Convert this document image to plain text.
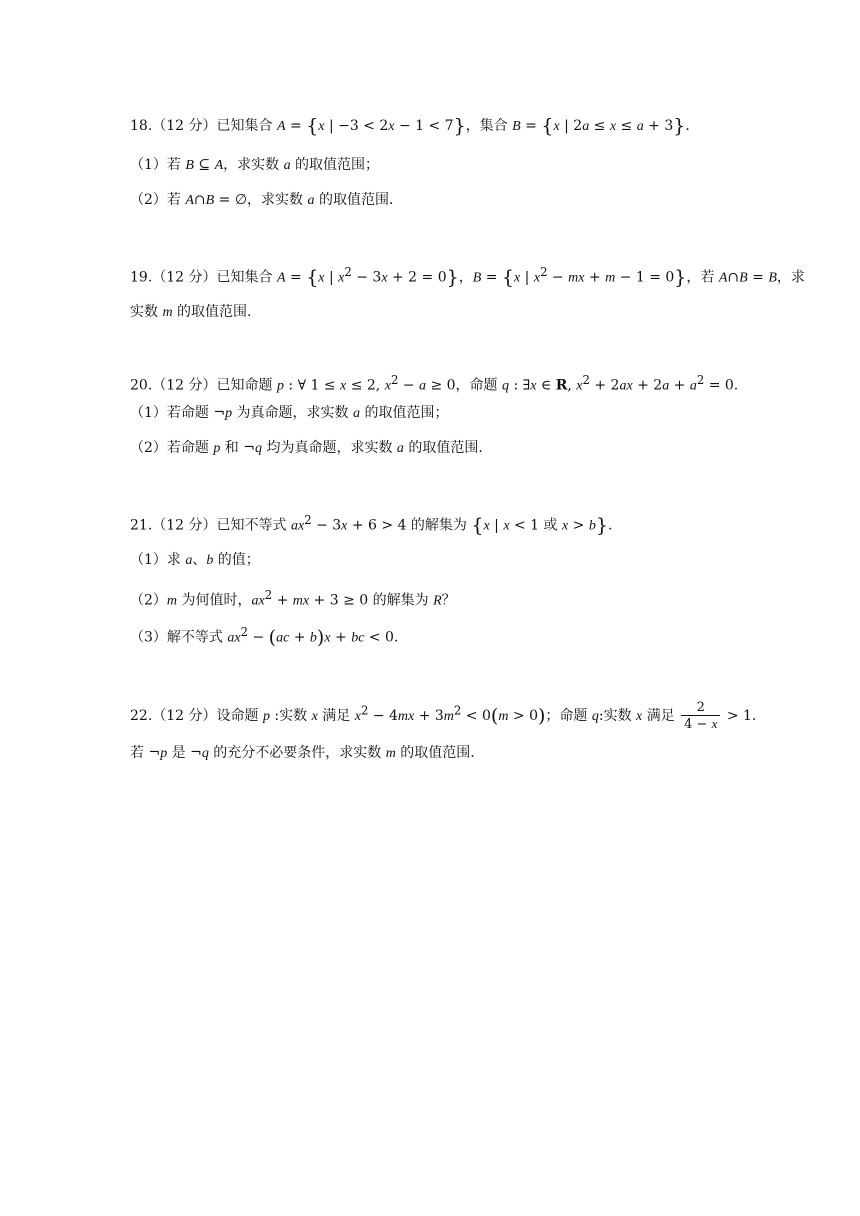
18.（12 分）已知集合 A = {x | −3 < 2x − 1 < 7}，集合 B = {x | 2a ≤ x ≤ a + 3}.
（1）若 B ⊆ A，求实数 a 的取值范围；
（2）若 A∩B = ∅，求实数 a 的取值范围.
19.（12 分）已知集合 A = {x | $x^2 - 3x + 2 = 0$}，B = {x | $x^2$ − mx + m − 1 = 0}，若 A∩B = B，求
实数 m 的取值范围.
20.（12 分）已知命题 p : ∀ 1 ≤ x ≤ 2, $x^2 - a \ge 0$，命题 q : ∃x ∈ R, $x^2 + 2ax + 2a + a^2 = 0$.
（1）若命题 ¬p 为真命题，求实数 a 的取值范围；
（2）若命题 p 和 ¬q 均为真命题，求实数 a 的取值范围.
21.（12 分）已知不等式 $ax^2 - 3x + 6 > 4$ 的解集为 {x | x < 1 或 x > b}.
（1）求 a、b 的值；
（2）m 为何值时，$ax^2$ + mx + 3 ≥ 0 的解集为 R？
（3）解不等式 $ax^2 - (ac + b)x$ + bc < 0.
22.（12 分）设命题 p :实数 x 满足 $x^2 - 4mx + 3m^2 < 0(m > 0)$；命题 q:实数 x 满足 $\frac{2}{4 - x} > 1$.
若 ¬p 是 ¬q 的充分不必要条件，求实数 m 的取值范围.
